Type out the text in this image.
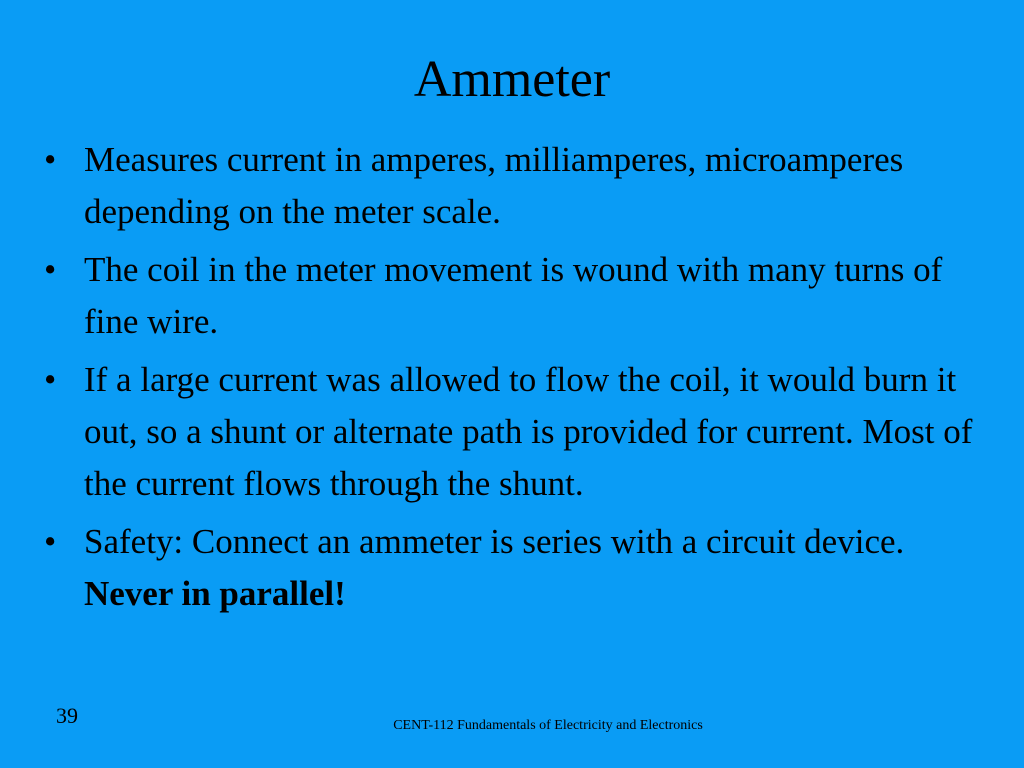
Ammeter
• Measures current in amperes, milliamperes, microamperes depending on the meter scale.
• The coil in the meter movement is wound with many turns of fine wire.
• If a large current was allowed to flow the coil, it would burn it out, so a shunt or alternate path is provided for current. Most of the current flows through the shunt.
• Safety: Connect an ammeter is series with a circuit device. Never in parallel!
39	CENT-112 Fundamentals of Electricity and Electronics
